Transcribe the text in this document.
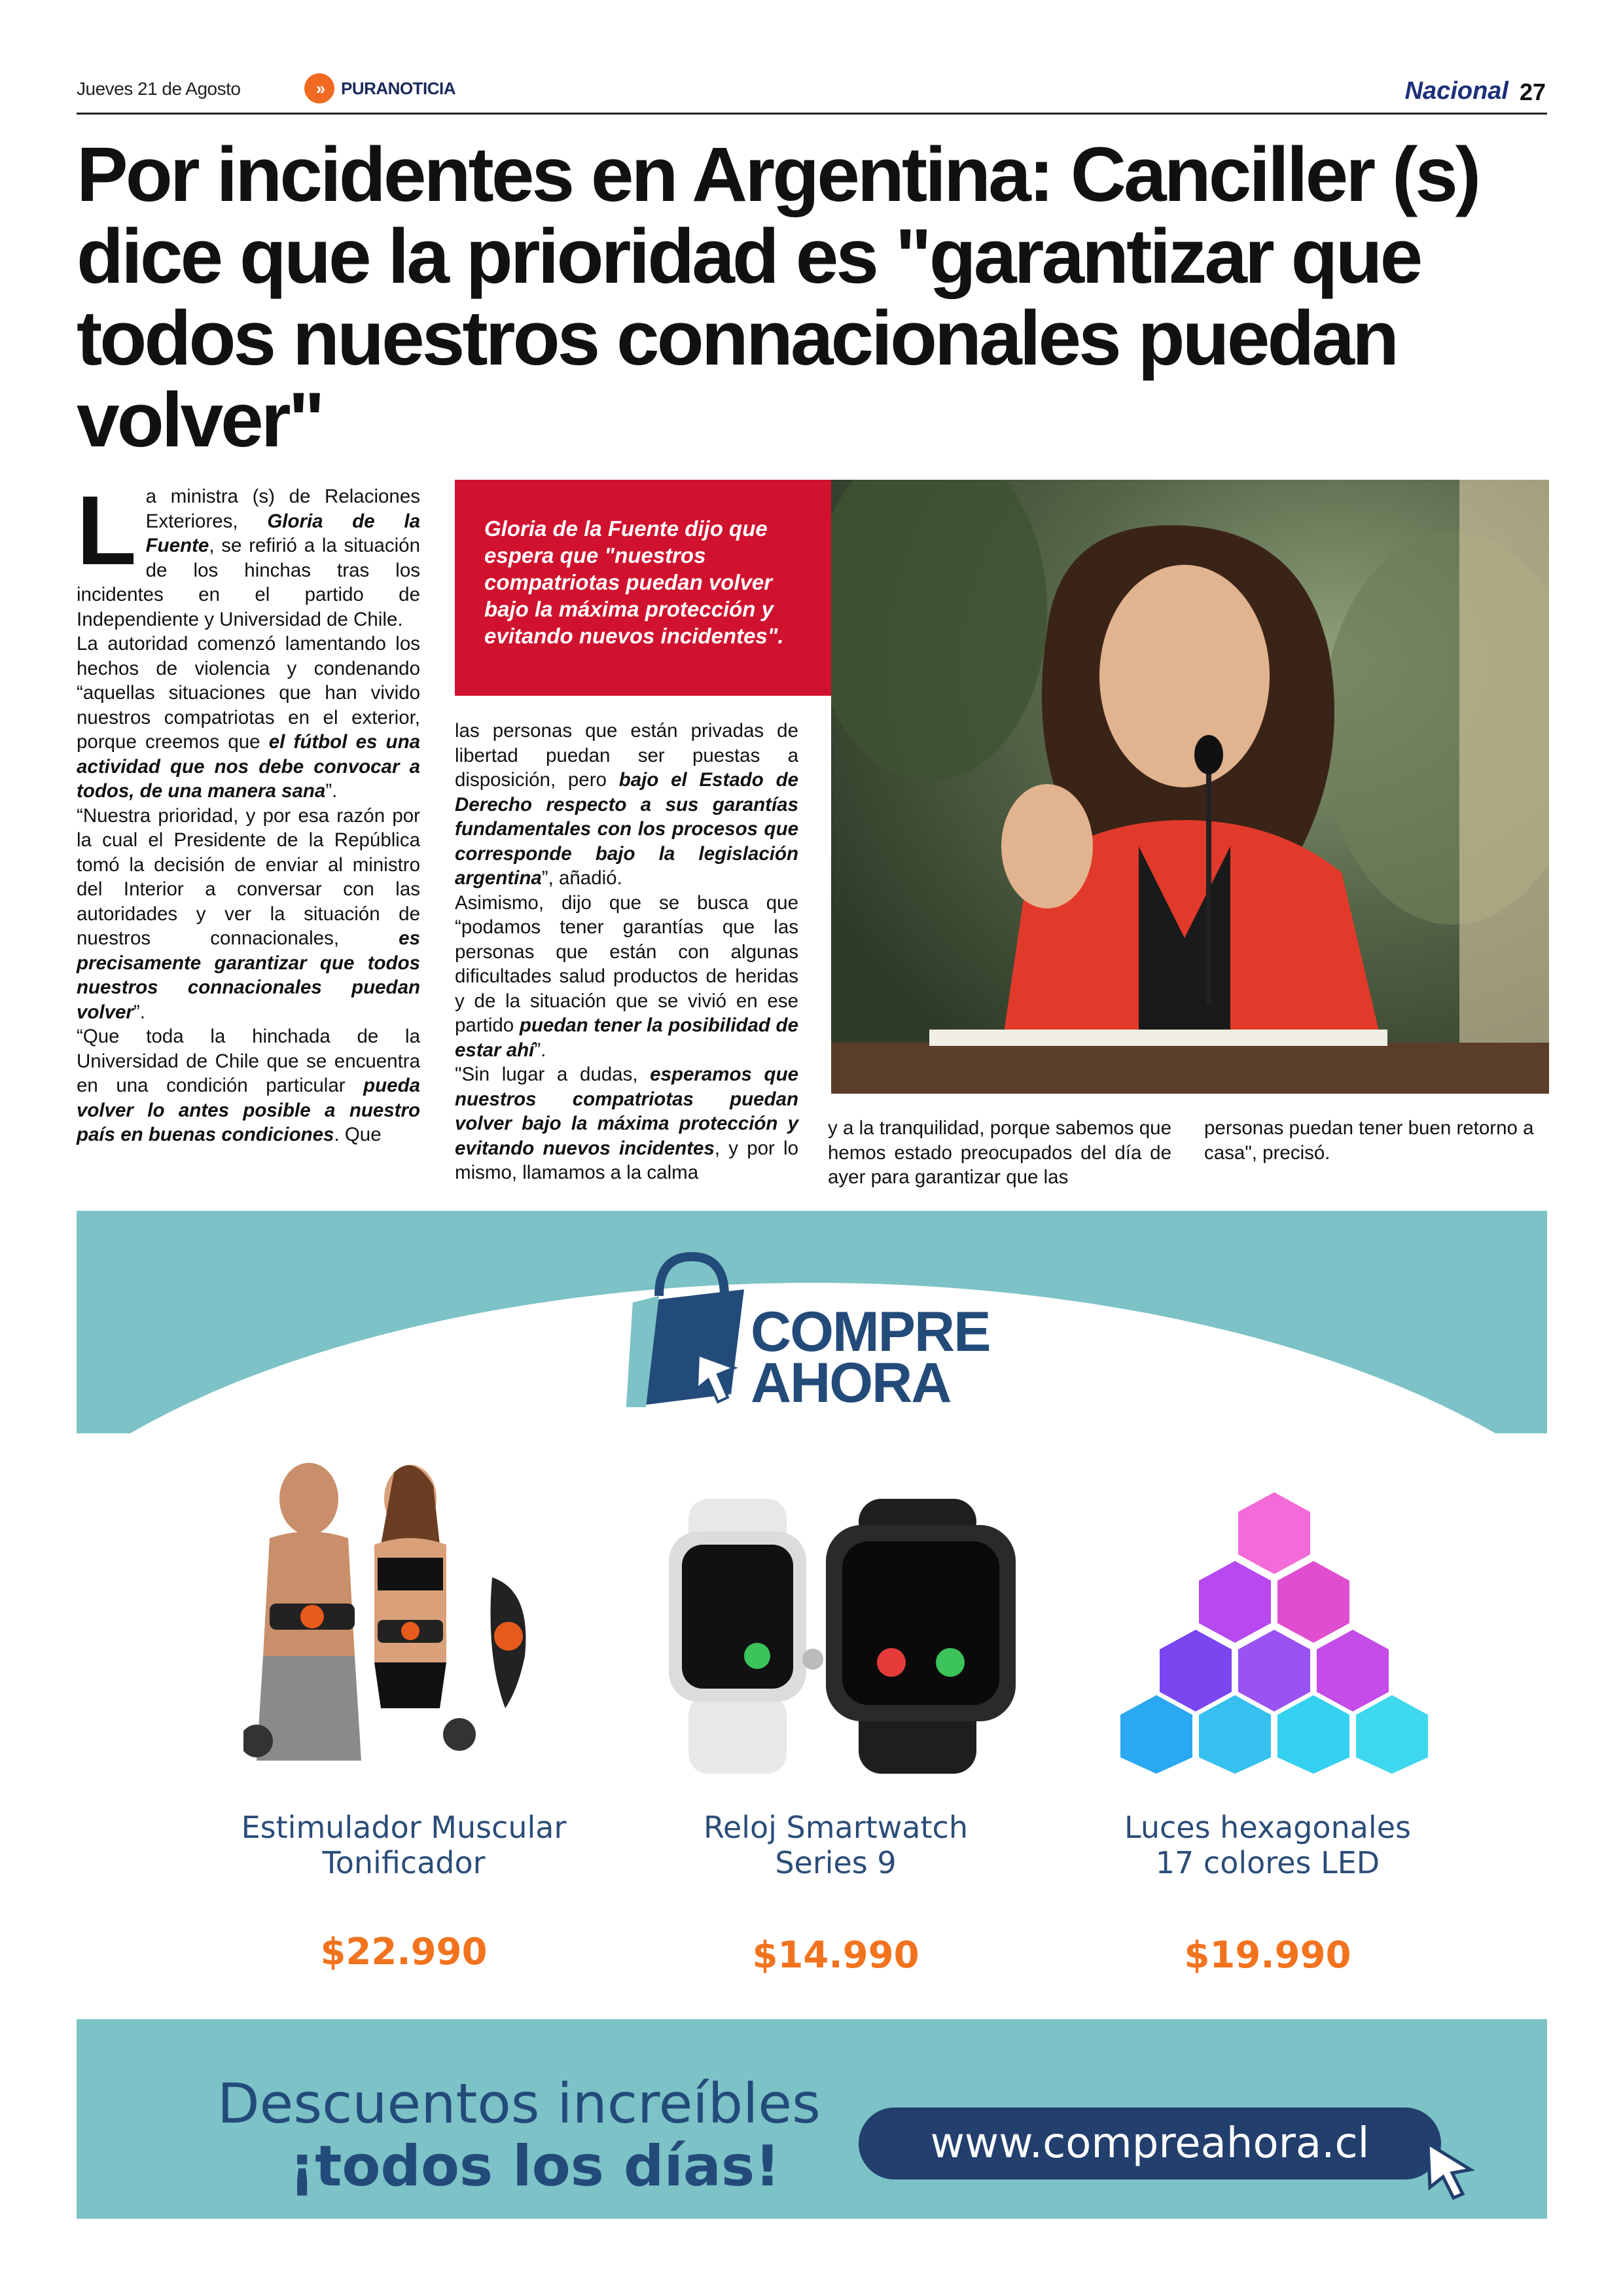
Jueves 21 de Agosto	»	PURANOTICIA	Nacional 27
Por incidentes en Argentina: Canciller (s) dice que la prioridad es "garantizar que todos nuestros connacionales puedan volver"
L a ministra (s) de Relaciones Exteriores, Gloria de la Fuente, se refirió a la situación de los hinchas tras los incidentes en el partido de Independiente y Universidad de Chile.

La autoridad comenzó lamentando los hechos de violencia y condenando “aquellas situaciones que han vivido nuestros compatriotas en el exterior, porque creemos que el fútbol es una actividad que nos debe convocar a todos, de una manera sana”.

“Nuestra prioridad, y por esa razón por la cual el Presidente de la República tomó la decisión de enviar al ministro del Interior a conversar con las autoridades y ver la situación de nuestros connacionales, es precisamente garantizar que todos nuestros connacionales puedan volver”.

“Que toda la hinchada de la Universidad de Chile que se encuentra en una condición particular pueda volver lo antes posible a nuestro país en buenas condiciones. Que

Gloria de la Fuente dijo que espera que "nuestros compatriotas puedan volver bajo la máxima protección y evitando nuevos incidentes".

las personas que están privadas de libertad puedan ser puestas a disposición, pero bajo el Estado de Derecho respecto a sus garantías fundamentales con los procesos que corresponde bajo la legislación argentina”, añadió.

Asimismo, dijo que se busca que “podamos tener garantías que las personas que están con algunas dificultades salud productos de heridas y de la situación que se vivió en ese partido puedan tener la posibilidad de estar ahí”.

"Sin lugar a dudas, esperamos que nuestros compatriotas puedan volver bajo la máxima protección y evitando nuevos incidentes, y por lo mismo, llamamos a la calma

y a la tranquilidad, porque sabemos que hemos estado preocupados del día de ayer para garantizar que las
personas puedan tener buen retorno a casa", precisó.
COMPRE
AHORA
Estimulador Muscular Tonificador
$22.990
Reloj Smartwatch Series 9
$14.990
Luces hexagonales 17 colores LED
$19.990
Descuentos increíbles
¡todos los días!	www.compreahora.cl
